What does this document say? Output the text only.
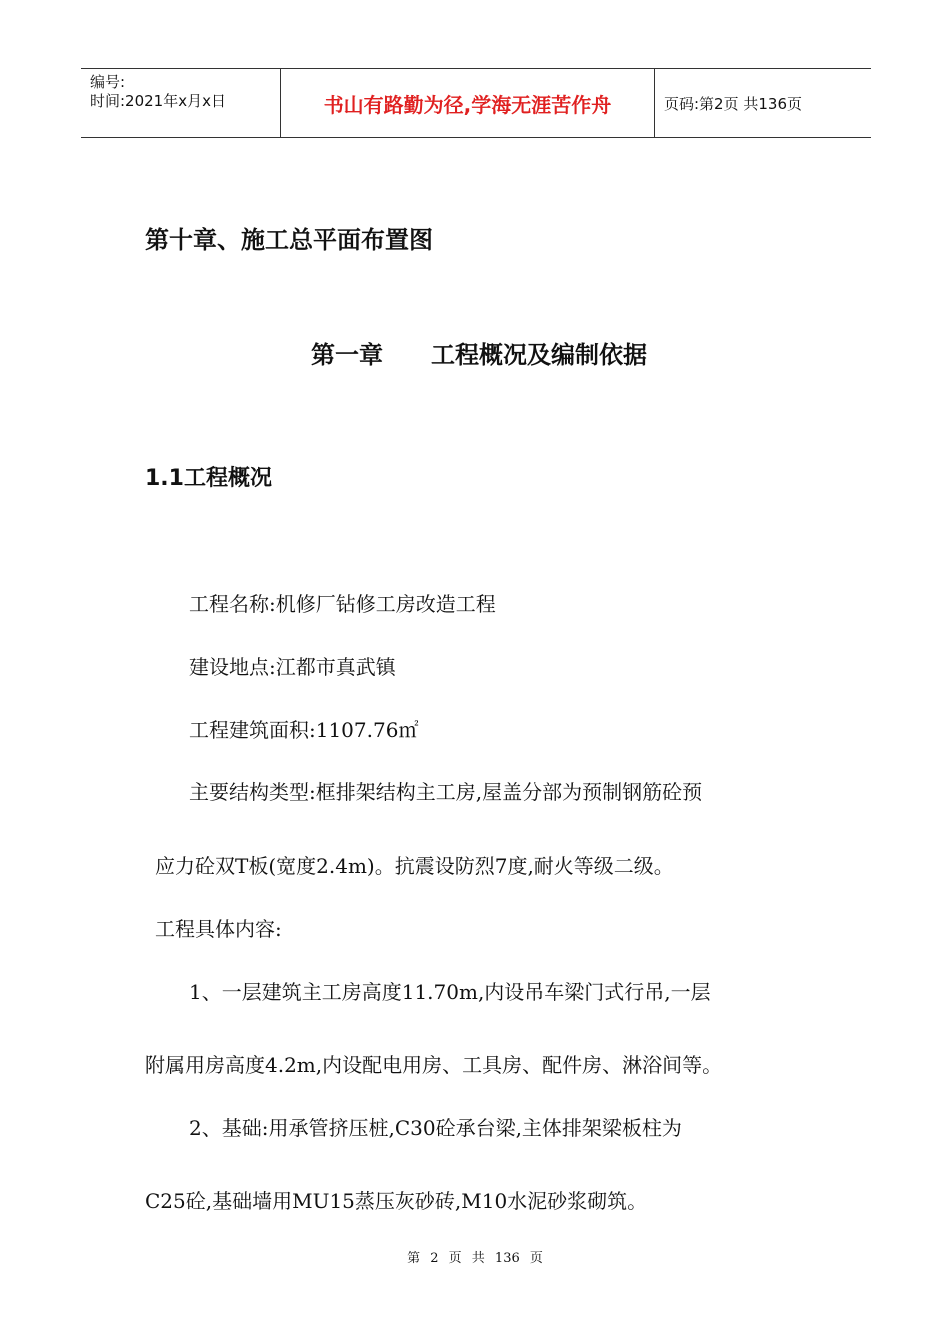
编号:
时间:2021年x月x日	书山有路勤为径,学海无涯苦作舟	页码:第2页 共136页
第十章、施工总平面布置图
第一章　　工程概况及编制依据
1.1工程概况
工程名称:机修厂钻修工房改造工程
建设地点:江都市真武镇
工程建筑面积:1107.76㎡
主要结构类型:框排架结构主工房,屋盖分部为预制钢筋砼预
应力砼双T板(宽度2.4m)。抗震设防烈7度,耐火等级二级。
工程具体内容:
1、一层建筑主工房高度11.70m,内设吊车梁门式行吊,一层
附属用房高度4.2m,内设配电用房、工具房、配件房、淋浴间等。
2、基础:用承管挤压桩,C30砼承台梁,主体排架梁板柱为
C25砼,基础墙用MU15蒸压灰砂砖,M10水泥砂浆砌筑。
第 2 页 共 136 页
